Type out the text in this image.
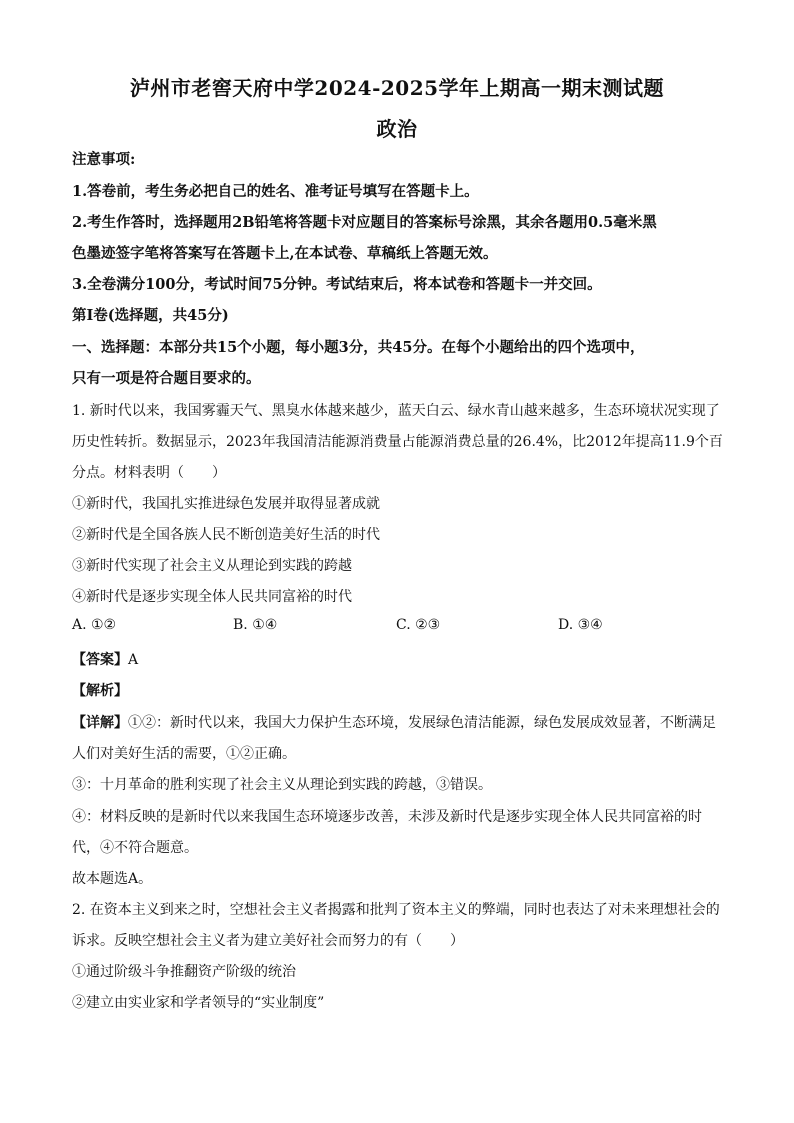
泸州市老窖天府中学2024-2025学年上期高一期末测试题
政治
注意事项:
1.答卷前，考生务必把自己的姓名、准考证号填写在答题卡上。
2.考生作答时，选择题用2B铅笔将答题卡对应题目的答案标号涂黑，其余各题用0.5毫米黑
色墨迹签字笔将答案写在答题卡上,在本试卷、草稿纸上答题无效。
3.全卷满分100分，考试时间75分钟。考试结束后，将本试卷和答题卡一并交回。
第I卷(选择题，共45分)
一、选择题：本部分共15个小题，每小题3分，共45分。在每个小题给出的四个选项中，
只有一项是符合题目要求的。
1. 新时代以来，我国雾霾天气、黑臭水体越来越少，蓝天白云、绿水青山越来越多，生态环境状况实现了
历史性转折。数据显示，2023年我国清洁能源消费量占能源消费总量的26.4%，比2012年提高11.9个百
分点。材料表明（　　）
①新时代，我国扎实推进绿色发展并取得显著成就
②新时代是全国各族人民不断创造美好生活的时代
③新时代实现了社会主义从理论到实践的跨越
④新时代是逐步实现全体人民共同富裕的时代
A. ①②	B. ①④	C. ②③	D. ③④
【答案】A
【解析】
【详解】①②：新时代以来，我国大力保护生态环境，发展绿色清洁能源，绿色发展成效显著，不断满足
人们对美好生活的需要，①②正确。
③：十月革命的胜利实现了社会主义从理论到实践的跨越，③错误。
④：材料反映的是新时代以来我国生态环境逐步改善，未涉及新时代是逐步实现全体人民共同富裕的时
代，④不符合题意。
故本题选A。
2. 在资本主义到来之时，空想社会主义者揭露和批判了资本主义的弊端，同时也表达了对未来理想社会的
诉求。反映空想社会主义者为建立美好社会而努力的有（　　）
①通过阶级斗争推翻资产阶级的统治
②建立由实业家和学者领导的“实业制度”
